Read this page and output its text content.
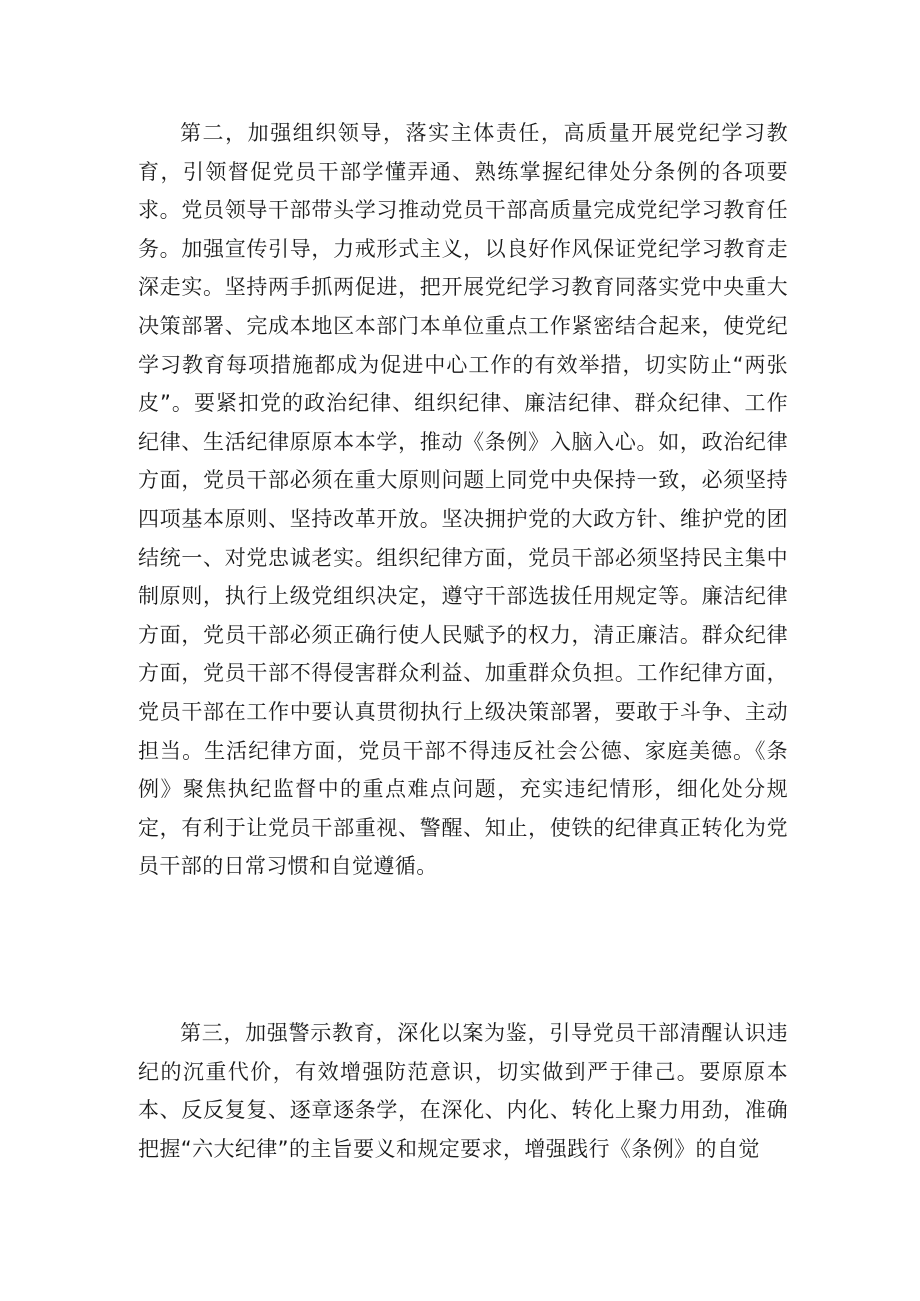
第二，加强组织领导，落实主体责任，高质量开展党纪学习教育，引领督促党员干部学懂弄通、熟练掌握纪律处分条例的各项要求。党员领导干部带头学习推动党员干部高质量完成党纪学习教育任务。加强宣传引导，力戒形式主义，以良好作风保证党纪学习教育走深走实。坚持两手抓两促进，把开展党纪学习教育同落实党中央重大决策部署、完成本地区本部门本单位重点工作紧密结合起来，使党纪学习教育每项措施都成为促进中心工作的有效举措，切实防止“两张皮”。要紧扣党的政治纪律、组织纪律、廉洁纪律、群众纪律、工作纪律、生活纪律原原本本学，推动《条例》入脑入心。如，政治纪律方面，党员干部必须在重大原则问题上同党中央保持一致，必须坚持四项基本原则、坚持改革开放。坚决拥护党的大政方针、维护党的团结统一、对党忠诚老实。组织纪律方面，党员干部必须坚持民主集中制原则，执行上级党组织决定，遵守干部选拔任用规定等。廉洁纪律方面，党员干部必须正确行使人民赋予的权力，清正廉洁。群众纪律方面，党员干部不得侵害群众利益、加重群众负担。工作纪律方面，党员干部在工作中要认真贯彻执行上级决策部署，要敢于斗争、主动担当。生活纪律方面，党员干部不得违反社会公德、家庭美德。《条例》聚焦执纪监督中的重点难点问题，充实违纪情形，细化处分规定，有利于让党员干部重视、警醒、知止，使铁的纪律真正转化为党员干部的日常习惯和自觉遵循。

第三，加强警示教育，深化以案为鉴，引导党员干部清醒认识违纪的沉重代价，有效增强防范意识，切实做到严于律己。要原原本本、反反复复、逐章逐条学，在深化、内化、转化上聚力用劲，准确把握“六大纪律”的主旨要义和规定要求，增强践行《条例》的自觉
